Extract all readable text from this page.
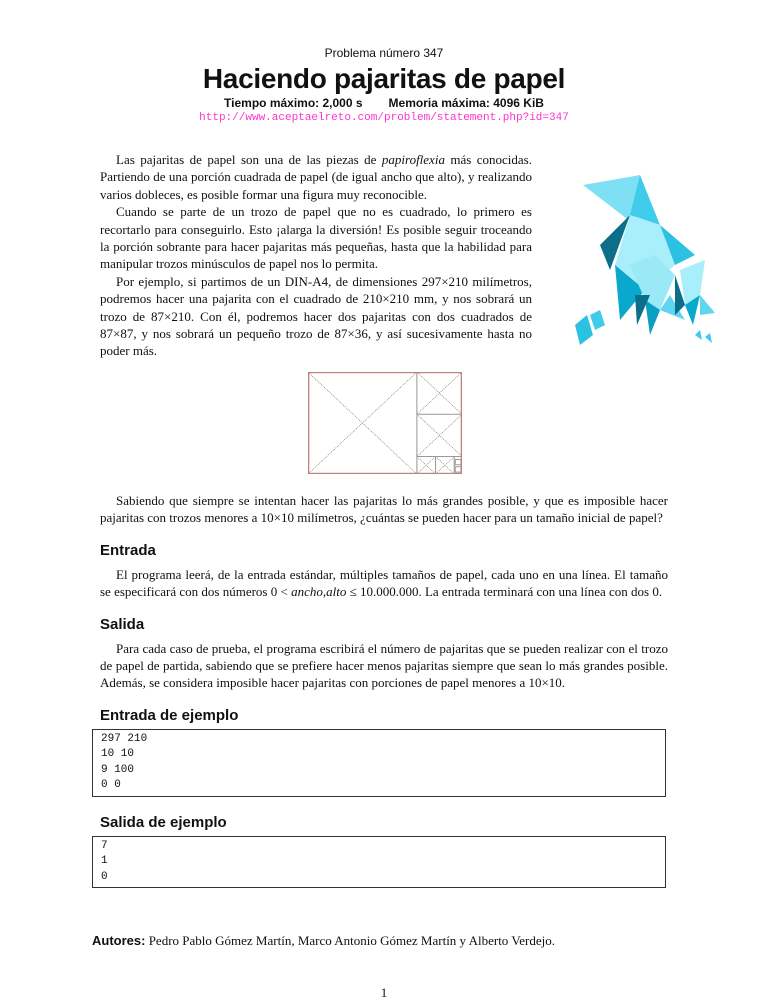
Problema número 347
Haciendo pajaritas de papel
Tiempo máximo: 2,000 s Memoria máxima: 4096 KiB
http://www.aceptaelreto.com/problem/statement.php?id=347

Las pajaritas de papel son una de las piezas de papiroflexia más conocidas. Partiendo de una porción cuadrada de papel (de igual ancho que alto), y realizando varios dobleces, es posible formar una figura muy reconocible.

Cuando se parte de un trozo de papel que no es cuadrado, lo primero es recortarlo para conseguirlo. Esto ¡alarga la diversión! Es posible seguir troceando la porción sobrante para hacer pajaritas más pequeñas, hasta que la habilidad para manipular trozos minúsculos de papel nos lo permita.

Por ejemplo, si partimos de un DIN-A4, de dimensiones 297×210 milímetros, podremos hacer una pajarita con el cuadrado de 210×210 mm, y nos sobrará un trozo de 87×210. Con él, podremos hacer dos pajaritas con dos cuadrados de 87×87, y nos sobrará un pequeño trozo de 87×36, y así sucesivamente hasta no poder más.

Sabiendo que siempre se intentan hacer las pajaritas lo más grandes posible, y que es imposible hacer pajaritas con trozos menores a 10×10 milímetros, ¿cuántas se pueden hacer para un tamaño inicial de papel?

Entrada

El programa leerá, de la entrada estándar, múltiples tamaños de papel, cada uno en una línea. El tamaño se especificará con dos números 0 < ancho,alto ≤ 10.000.000. La entrada terminará con una línea con dos 0.

Salida

Para cada caso de prueba, el programa escribirá el número de pajaritas que se pueden realizar con el trozo de papel de partida, sabiendo que se prefiere hacer menos pajaritas siempre que sean lo más grandes posible. Además, se considera imposible hacer pajaritas con porciones de papel menores a 10×10.

Entrada de ejemplo
297 210
10 10
9 100
0 0
Salida de ejemplo
7
1
0
Autores: Pedro Pablo Gómez Martín, Marco Antonio Gómez Martín y Alberto Verdejo.
1
